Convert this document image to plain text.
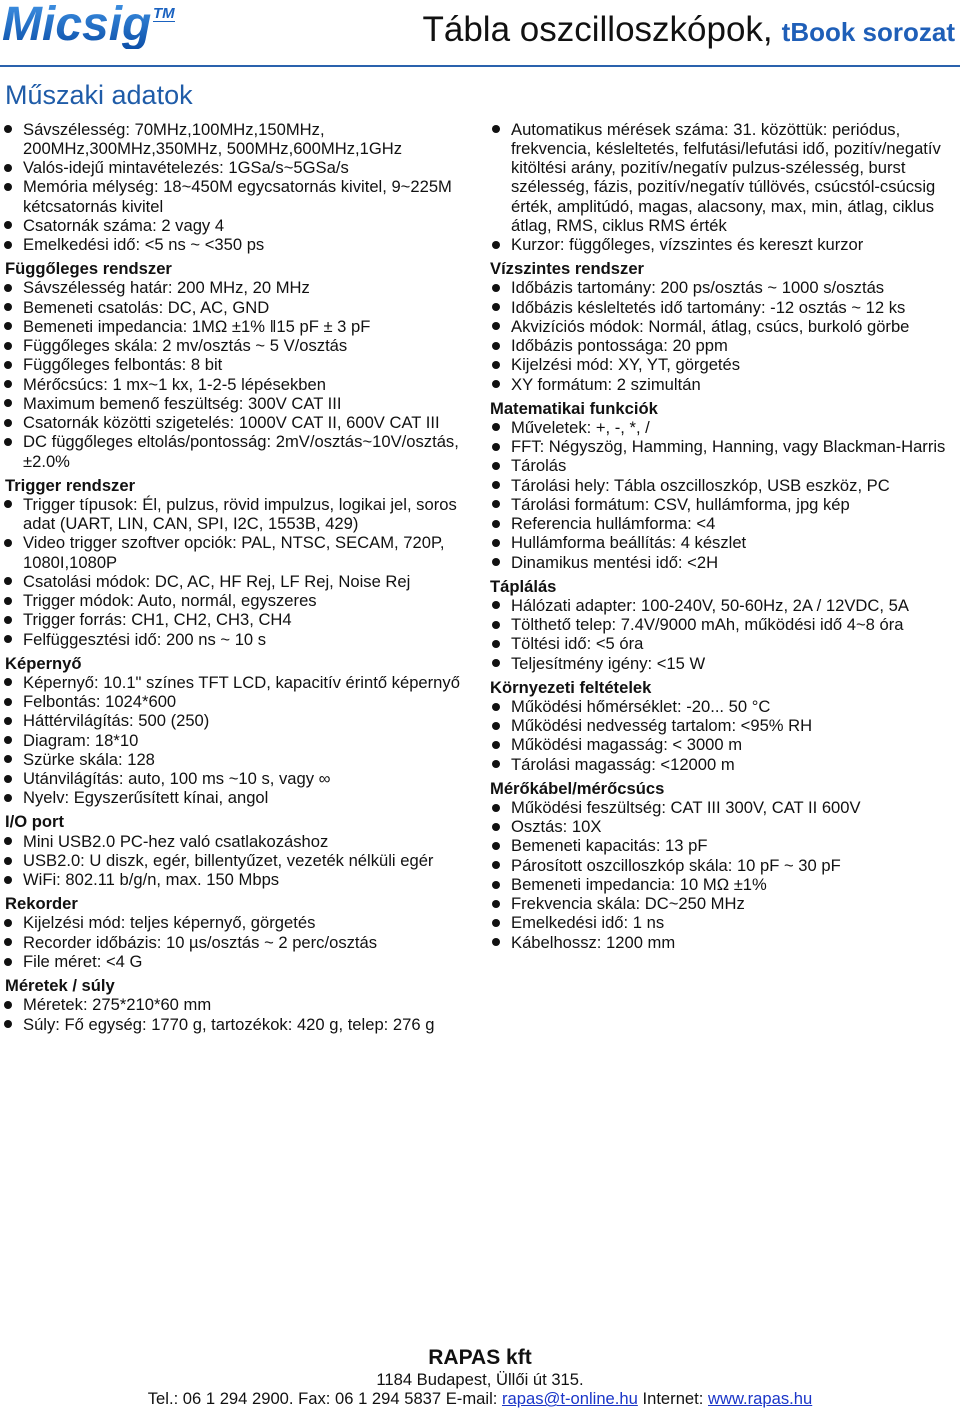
Micsig TM	Tábla oszcilloszkópok, tBook sorozat
Műszaki adatok
Sávszélesség: 70MHz,100MHz,150MHz,
200MHz,300MHz,350MHz, 500MHz,600MHz,1GHz
Valós-idejű mintavételezés: 1GSa/s~5GSa/s
Memória mélység: 18~450M egycsatornás kivitel, 9~225M
kétcsatornás kivitel
Csatornák száma: 2 vagy 4
Emelkedési idő: <5 ns ~ <350 ps
Függőleges rendszer
Sávszélesség határ: 200 MHz, 20 MHz
Bemeneti csatolás: DC, AC, GND
Bemeneti impedancia: 1MΩ ±1% ‖15 pF ± 3 pF
Függőleges skála: 2 mv/osztás ~ 5 V/osztás
Függőleges felbontás: 8 bit
Mérőcsúcs: 1 mx~1 kx, 1-2-5 lépésekben
Maximum bemenő feszültség: 300V CAT III
Csatornák közötti szigetelés: 1000V CAT II, 600V CAT III
DC függőleges eltolás/pontosság: 2mV/osztás~10V/osztás,
±2.0%
Trigger rendszer
Trigger típusok: Él, pulzus, rövid impulzus, logikai jel, soros
adat (UART, LIN, CAN, SPI, I2C, 1553B, 429)
Video trigger szoftver opciók: PAL, NTSC, SECAM, 720P,
1080I,1080P
Csatolási módok: DC, AC, HF Rej, LF Rej, Noise Rej
Trigger módok: Auto, normál, egyszeres
Trigger forrás: CH1, CH2, CH3, CH4
Felfüggesztési idő: 200 ns ~ 10 s
Képernyő
Képernyő: 10.1" színes TFT LCD, kapacitív érintő képernyő
Felbontás: 1024*600
Háttérvilágítás: 500 (250)
Diagram: 18*10
Szürke skála: 128
Utánvilágítás: auto, 100 ms ~10 s, vagy ∞
Nyelv: Egyszerűsített kínai, angol
I/O port
Mini USB2.0 PC-hez való csatlakozáshoz
USB2.0: U diszk, egér, billentyűzet, vezeték nélküli egér
WiFi: 802.11 b/g/n, max. 150 Mbps
Rekorder
Kijelzési mód: teljes képernyő, görgetés
Recorder időbázis: 10 µs/osztás ~ 2 perc/osztás
File méret: <4 G
Méretek / súly
Méretek: 275*210*60 mm
Súly: Fő egység: 1770 g, tartozékok: 420 g, telep: 276 g
Automatikus mérések száma: 31. közöttük: periódus,
frekvencia, késleltetés, felfutási/lefutási idő, pozitív/negatív
kitöltési arány, pozitív/negatív pulzus-szélesség, burst
szélesség, fázis, pozitív/negatív túllövés, csúcstól-csúcsig
érték, amplitúdó, magas, alacsony, max, min, átlag, ciklus
átlag, RMS, ciklus RMS érték
Kurzor: függőleges, vízszintes és kereszt kurzor
Vízszintes rendszer
Időbázis tartomány: 200 ps/osztás ~ 1000 s/osztás
Időbázis késleltetés idő tartomány: -12 osztás ~ 12 ks
Akvizíciós módok: Normál, átlag, csúcs, burkoló görbe
Időbázis pontossága: 20 ppm
Kijelzési mód: XY, YT, görgetés
XY formátum: 2 szimultán
Matematikai funkciók
Műveletek: +, -, *, /
FFT: Négyszög, Hamming, Hanning, vagy Blackman-Harris
Tárolás
Tárolási hely: Tábla oszcilloszkóp, USB eszköz, PC
Tárolási formátum: CSV, hullámforma, jpg kép
Referencia hullámforma: <4
Hullámforma beállítás: 4 készlet
Dinamikus mentési idő: <2H
Táplálás
Hálózati adapter: 100-240V, 50-60Hz, 2A / 12VDC, 5A
Tölthető telep: 7.4V/9000 mAh, működési idő 4~8 óra
Töltési idő: <5 óra
Teljesítmény igény: <15 W
Környezeti feltételek
Működési hőmérséklet: -20... 50 °C
Működési nedvesség tartalom: <95% RH
Működési magasság: < 3000 m
Tárolási magasság: <12000 m
Mérőkábel/mérőcsúcs
Működési feszültség: CAT III 300V, CAT II 600V
Osztás: 10X
Bemeneti kapacitás: 13 pF
Párosított oszcilloszkóp skála: 10 pF ~ 30 pF
Bemeneti impedancia: 10 MΩ ±1%
Frekvencia skála: DC~250 MHz
Emelkedési idő: 1 ns
Kábelhossz: 1200 mm
RAPAS kft
1184 Budapest, Üllői út 315.
Tel.: 06 1 294 2900. Fax: 06 1 294 5837 E-mail: rapas@t-online.hu Internet: www.rapas.hu
